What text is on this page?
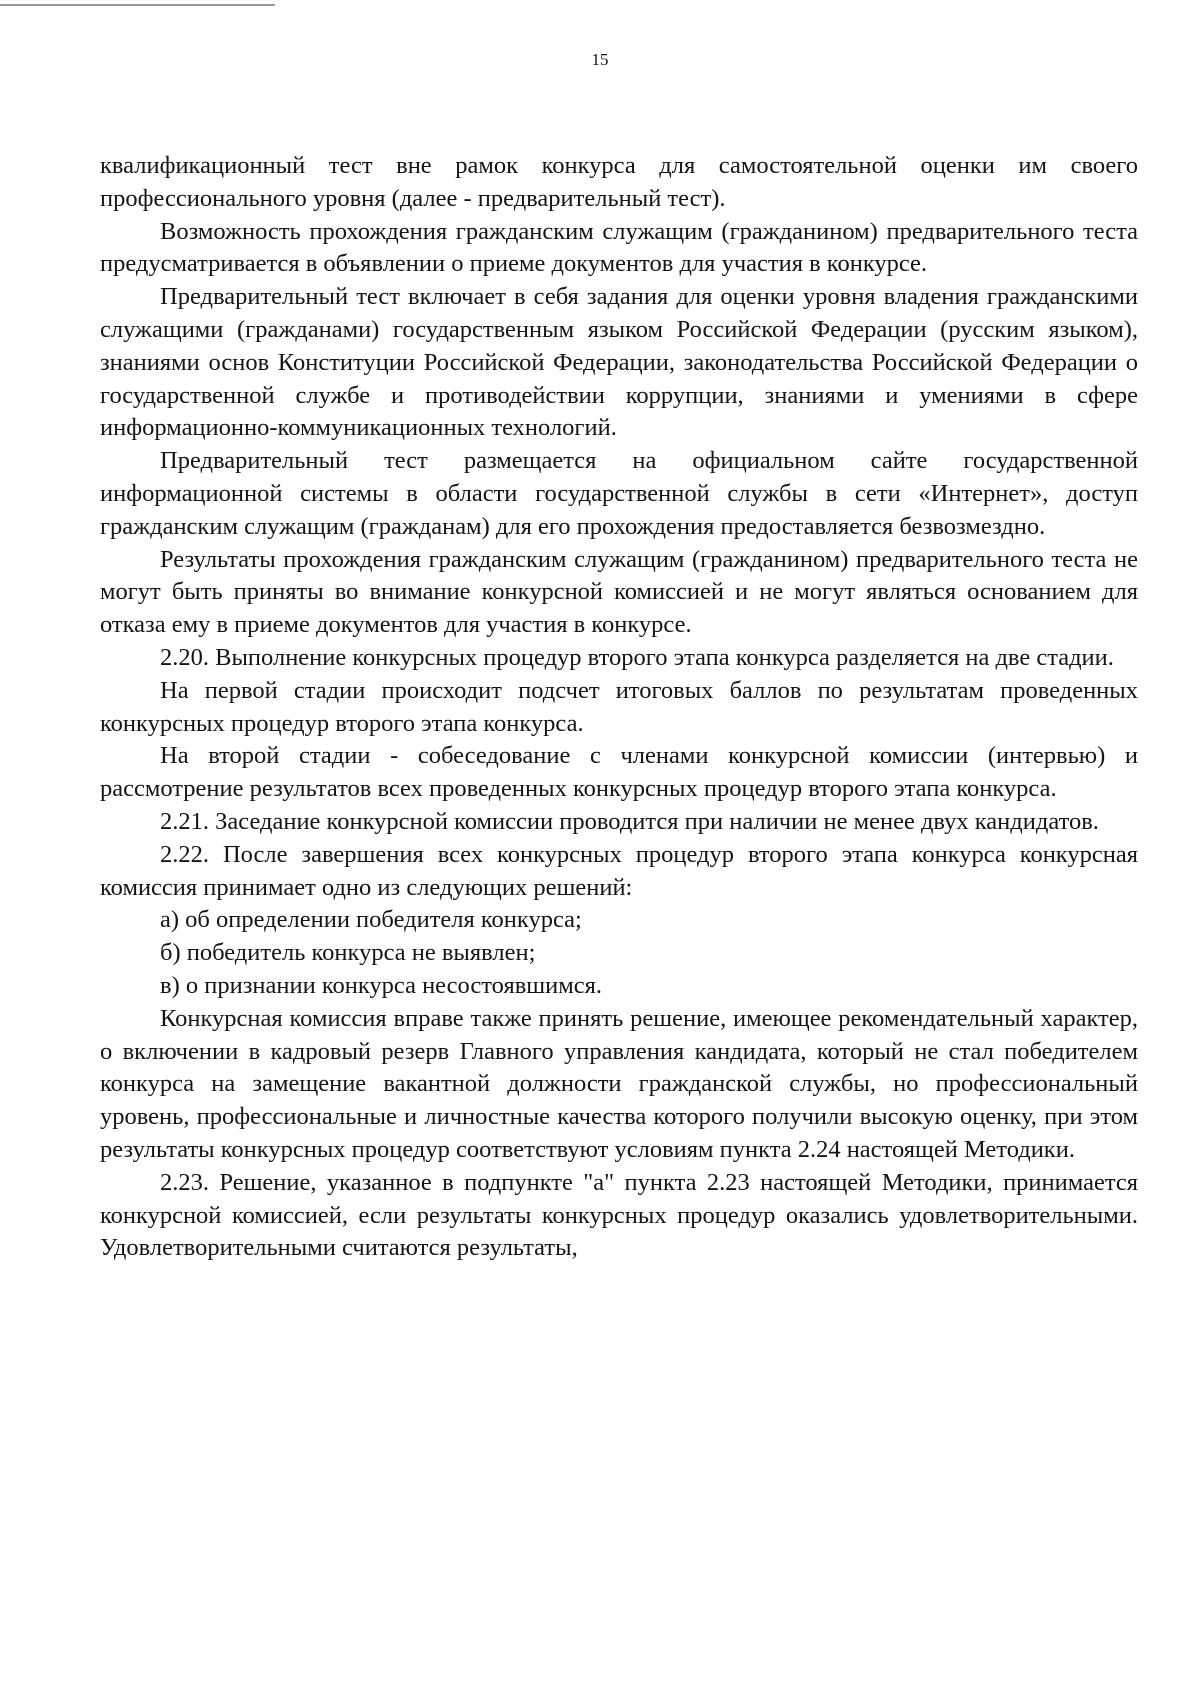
15

квалификационный тест вне рамок конкурса для самостоятельной оценки им своего профессионального уровня (далее - предварительный тест).

Возможность прохождения гражданским служащим (гражданином) предварительного теста предусматривается в объявлении о приеме документов для участия в конкурсе.

Предварительный тест включает в себя задания для оценки уровня владения гражданскими служащими (гражданами) государственным языком Российской Федерации (русским языком), знаниями основ Конституции Российской Федерации, законодательства Российской Федерации о государственной службе и противодействии коррупции, знаниями и умениями в сфере информационно-коммуникационных технологий.

Предварительный тест размещается на официальном сайте государственной информационной системы в области государственной службы в сети «Интернет», доступ гражданским служащим (гражданам) для его прохождения предоставляется безвозмездно.

Результаты прохождения гражданским служащим (гражданином) предварительного теста не могут быть приняты во внимание конкурсной комиссией и не могут являться основанием для отказа ему в приеме документов для участия в конкурсе.

2.20. Выполнение конкурсных процедур второго этапа конкурса разделяется на две стадии.

На первой стадии происходит подсчет итоговых баллов по результатам проведенных конкурсных процедур второго этапа конкурса.

На второй стадии - собеседование с членами конкурсной комиссии (интервью) и рассмотрение результатов всех проведенных конкурсных процедур второго этапа конкурса.

2.21. Заседание конкурсной комиссии проводится при наличии не менее двух кандидатов.

2.22. После завершения всех конкурсных процедур второго этапа конкурса конкурсная комиссия принимает одно из следующих решений:

а) об определении победителя конкурса;

б) победитель конкурса не выявлен;

в) о признании конкурса несостоявшимся.

Конкурсная комиссия вправе также принять решение, имеющее рекомендательный характер, о включении в кадровый резерв Главного управления кандидата, который не стал победителем конкурса на замещение вакантной должности гражданской службы, но профессиональный уровень, профессиональные и личностные качества которого получили высокую оценку, при этом результаты конкурсных процедур соответствуют условиям пункта 2.24 настоящей Методики.

2.23. Решение, указанное в подпункте "а" пункта 2.23 настоящей Методики, принимается конкурсной комиссией, если результаты конкурсных процедур оказались удовлетворительными. Удовлетворительными считаются результаты,
